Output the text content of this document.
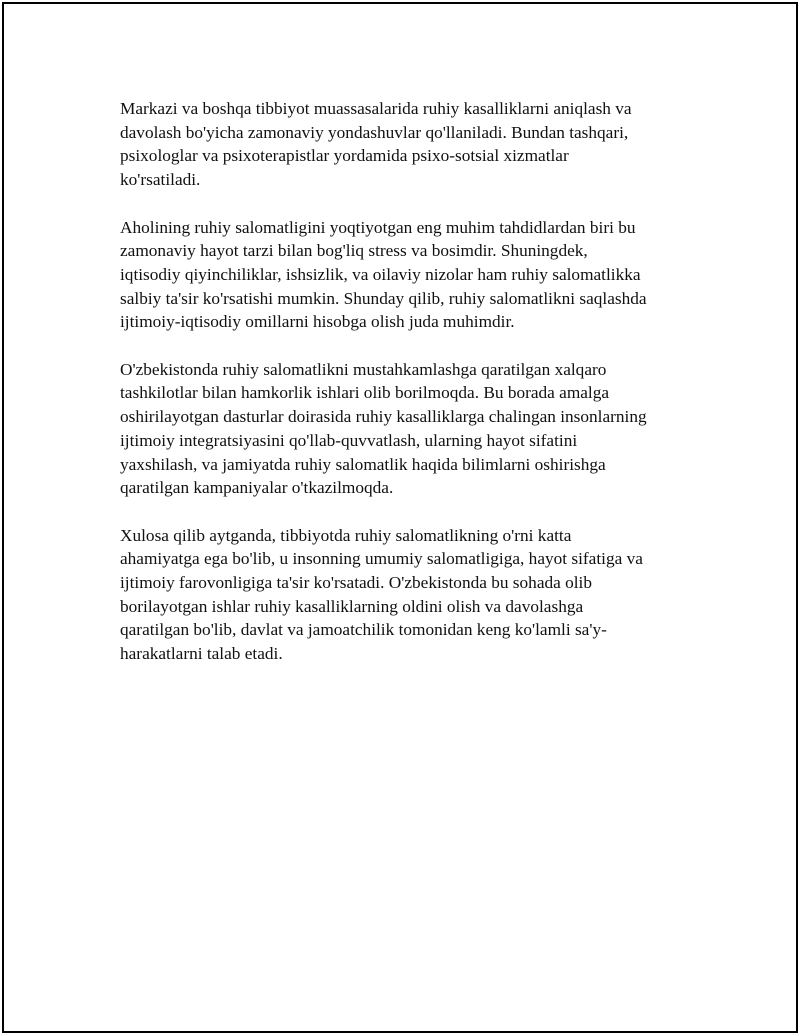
Markazi va boshqa tibbiyot muassasalarida ruhiy kasalliklarni aniqlash va
davolash bo'yicha zamonaviy yondashuvlar qo'llaniladi. Bundan tashqari,
psixologlar va psixoterapistlar yordamida psixo-sotsial xizmatlar
ko'rsatiladi.

Aholining ruhiy salomatligini yoqtiyotgan eng muhim tahdidlardan biri bu
zamonaviy hayot tarzi bilan bog'liq stress va bosimdir. Shuningdek,
iqtisodiy qiyinchiliklar, ishsizlik, va oilaviy nizolar ham ruhiy salomatlikka
salbiy ta'sir ko'rsatishi mumkin. Shunday qilib, ruhiy salomatlikni saqlashda
ijtimoiy-iqtisodiy omillarni hisobga olish juda muhimdir.

O'zbekistonda ruhiy salomatlikni mustahkamlashga qaratilgan xalqaro
tashkilotlar bilan hamkorlik ishlari olib borilmoqda. Bu borada amalga
oshirilayotgan dasturlar doirasida ruhiy kasalliklarga chalingan insonlarning
ijtimoiy integratsiyasini qo'llab-quvvatlash, ularning hayot sifatini
yaxshilash, va jamiyatda ruhiy salomatlik haqida bilimlarni oshirishga
qaratilgan kampaniyalar o'tkazilmoqda.

Xulosa qilib aytganda, tibbiyotda ruhiy salomatlikning o'rni katta
ahamiyatga ega bo'lib, u insonning umumiy salomatligiga, hayot sifatiga va
ijtimoiy farovonligiga ta'sir ko'rsatadi. O'zbekistonda bu sohada olib
borilayotgan ishlar ruhiy kasalliklarning oldini olish va davolashga
qaratilgan bo'lib, davlat va jamoatchilik tomonidan keng ko'lamli sa'y-
harakatlarni talab etadi.
